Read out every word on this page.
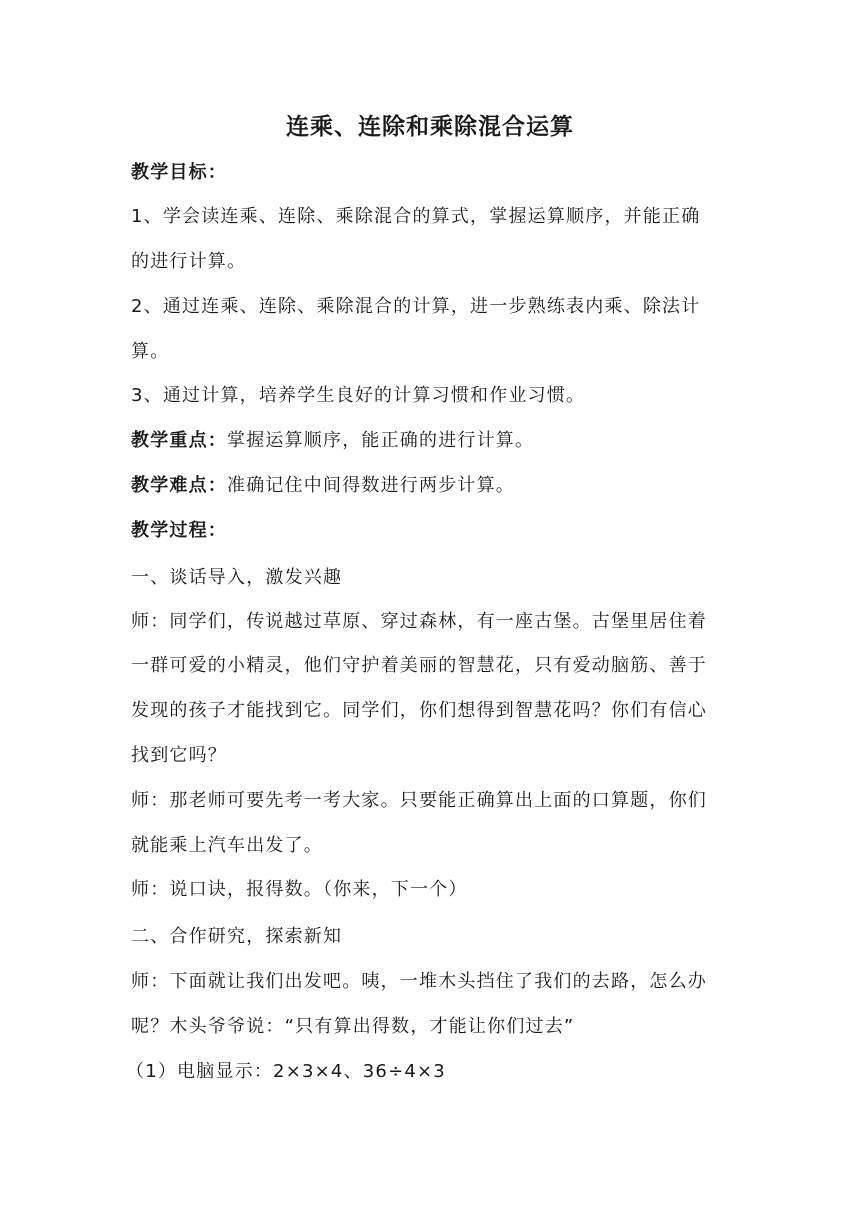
连乘、连除和乘除混合运算

教学目标：

1、学会读连乘、连除、乘除混合的算式，掌握运算顺序，并能正确

的进行计算。

2、通过连乘、连除、乘除混合的计算，进一步熟练表内乘、除法计

算。

3、通过计算，培养学生良好的计算习惯和作业习惯。

教学重点：掌握运算顺序，能正确的进行计算。

教学难点：准确记住中间得数进行两步计算。

教学过程：

一、谈话导入，激发兴趣

师：同学们，传说越过草原、穿过森林，有一座古堡。古堡里居住着

一群可爱的小精灵，他们守护着美丽的智慧花，只有爱动脑筋、善于

发现的孩子才能找到它。同学们，你们想得到智慧花吗？你们有信心

找到它吗？

师：那老师可要先考一考大家。只要能正确算出上面的口算题，你们

就能乘上汽车出发了。

师：说口诀，报得数。（你来，下一个）

二、合作研究，探索新知

师：下面就让我们出发吧。咦，一堆木头挡住了我们的去路，怎么办

呢？木头爷爷说：“只有算出得数，才能让你们过去”

（1）电脑显示：2×3×4、36÷4×3
